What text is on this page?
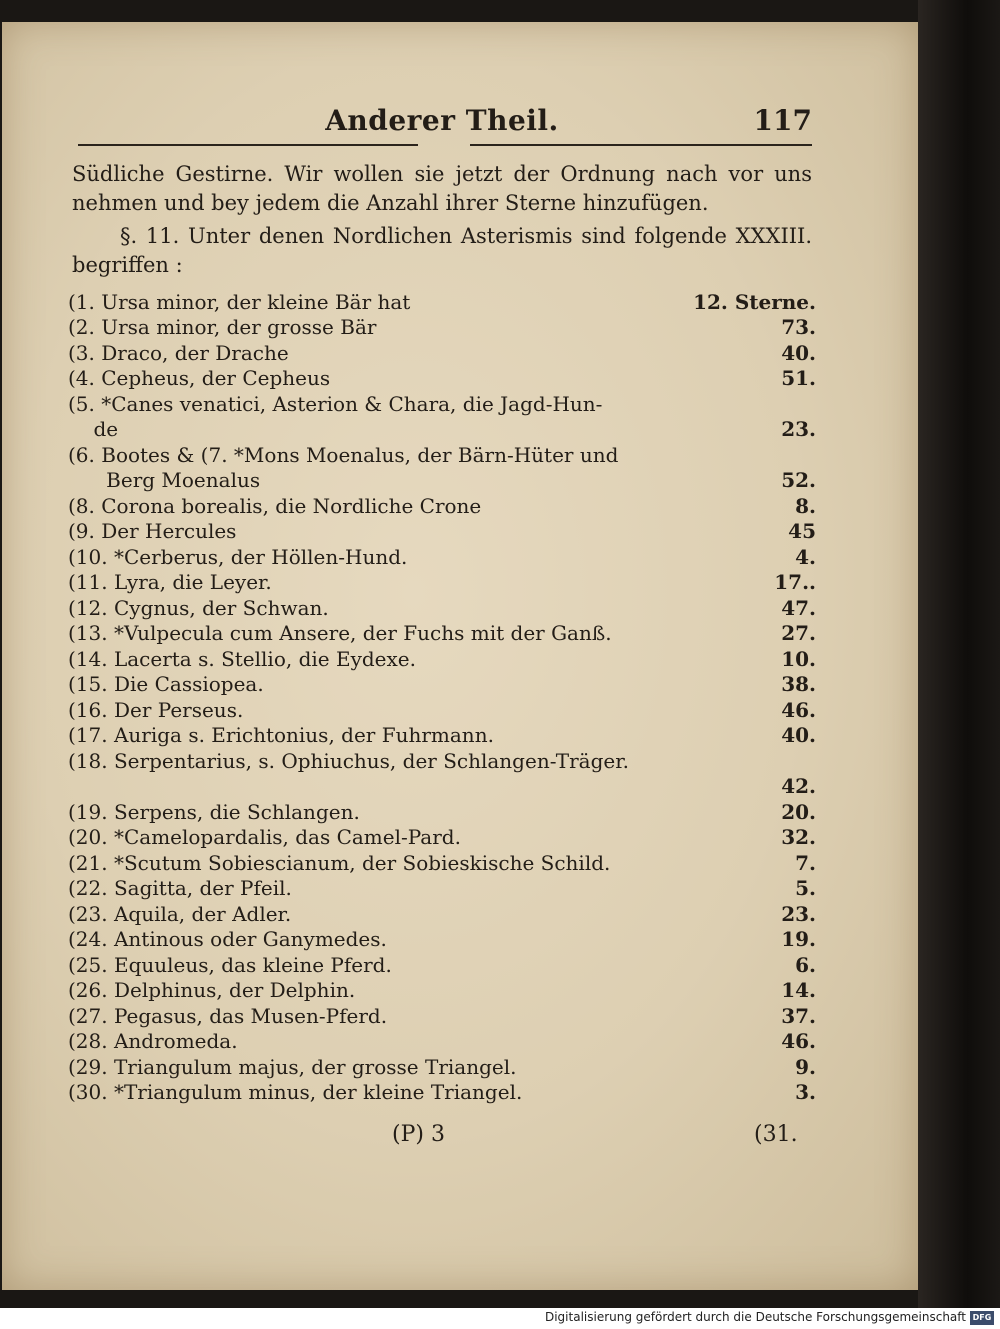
Anderer Theil.	117
Südliche Gestirne. Wir wollen sie jetzt der Ordnung nach vor uns nehmen und bey jedem die Anzahl ihrer Sterne hinzufügen.
§. 11. Unter denen Nordlichen Asterismis sind folgende XXXIII. begriffen :
(1. Ursa minor, der kleine Bär hat	12. Sterne.
(2. Ursa minor, der grosse Bär	73.
(3. Draco, der Drache	40.
(4. Cepheus, der Cepheus	51.
(5. *Canes venatici, Asterion & Chara, die Jagd-Hun-
de	23.
(6. Bootes & (7. *Mons Moenalus, der Bärn-Hüter und
Berg Moenalus	52.
(8. Corona borealis, die Nordliche Crone	8.
(9. Der Hercules	45
(10. *Cerberus, der Höllen-Hund.	4.
(11. Lyra, die Leyer.	17..
(12. Cygnus, der Schwan.	47.
(13. *Vulpecula cum Ansere, der Fuchs mit der Ganß.	27.
(14. Lacerta s. Stellio, die Eydexe.	10.
(15. Die Cassiopea.	38.
(16. Der Perseus.	46.
(17. Auriga s. Erichtonius, der Fuhrmann.	40.
(18. Serpentarius, s. Ophiuchus, der Schlangen-Träger.
42.
(19. Serpens, die Schlangen.	20.
(20. *Camelopardalis, das Camel-Pard.	32.
(21. *Scutum Sobiescianum, der Sobieskische Schild.	7.
(22. Sagitta, der Pfeil.	5.
(23. Aquila, der Adler.	23.
(24. Antinous oder Ganymedes.	19.
(25. Equuleus, das kleine Pferd.	6.
(26. Delphinus, der Delphin.	14.
(27. Pegasus, das Musen-Pferd.	37.
(28. Andromeda.	46.
(29. Triangulum majus, der grosse Triangel.	9.
(30. *Triangulum minus, der kleine Triangel.	3.
(P) 3	(31.
Digitalisierung gefördert durch die Deutsche Forschungsgemeinschaft DFG
